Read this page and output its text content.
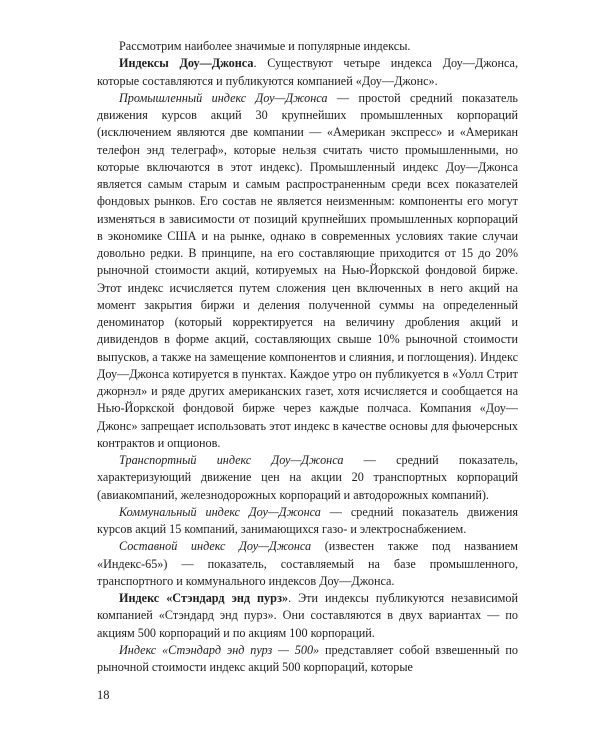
Рассмотрим наиболее значимые и популярные индексы.

Индексы Доу—Джонса. Существуют четыре индекса Доу—Джонса, которые составляются и публикуются компанией «Доу—Джонс».

Промышленный индекс Доу—Джонса — простой средний показатель движения курсов акций 30 крупнейших промышленных корпораций (исключением являются две компании — «Американ экспресс» и «Американ телефон энд телеграф», которые нельзя считать чисто промышленными, но которые включаются в этот индекс). Промышленный индекс Доу—Джонса является самым старым и самым распространенным среди всех показателей фондовых рынков. Его состав не является неизменным: компоненты его могут изменяться в зависимости от позиций крупнейших промышленных корпораций в экономике США и на рынке, однако в современных условиях такие случаи довольно редки. В принципе, на его составляющие приходится от 15 до 20% рыночной стоимости акций, котируемых на Нью-Йоркской фондовой бирже. Этот индекс исчисляется путем сложения цен включенных в него акций на момент закрытия биржи и деления полученной суммы на определенный деноминатор (который корректируется на величину дробления акций и дивидендов в форме акций, составляющих свыше 10% рыночной стоимости выпусков, а также на замещение компонентов и слияния, и поглощения). Индекс Доу—Джонса котируется в пунктах. Каждое утро он публикуется в «Уолл Стрит джорнэл» и ряде других американских газет, хотя исчисляется и сообщается на Нью-Йоркской фондовой бирже через каждые полчаса. Компания «Доу—Джонс» запрещает использовать этот индекс в качестве основы для фьючерсных контрактов и опционов.

Транспортный индекс Доу—Джонса — средний показатель, характеризующий движение цен на акции 20 транспортных корпораций (авиакомпаний, железнодорожных корпораций и автодорожных компаний).

Коммунальный индекс Доу—Джонса — средний показатель движения курсов акций 15 компаний, занимающихся газо- и электроснабжением.

Составной индекс Доу—Джонса (известен также под названием «Индекс-65») — показатель, составляемый на базе промышленного, транспортного и коммунального индексов Доу—Джонса.

Индекс «Стэндард энд пурз». Эти индексы публикуются независимой компанией «Стэндард энд пурз». Они составляются в двух вариантах — по акциям 500 корпораций и по акциям 100 корпораций.

Индекс «Стэндард энд пурз — 500» представляет собой взвешенный по рыночной стоимости индекс акций 500 корпораций, которые

18
